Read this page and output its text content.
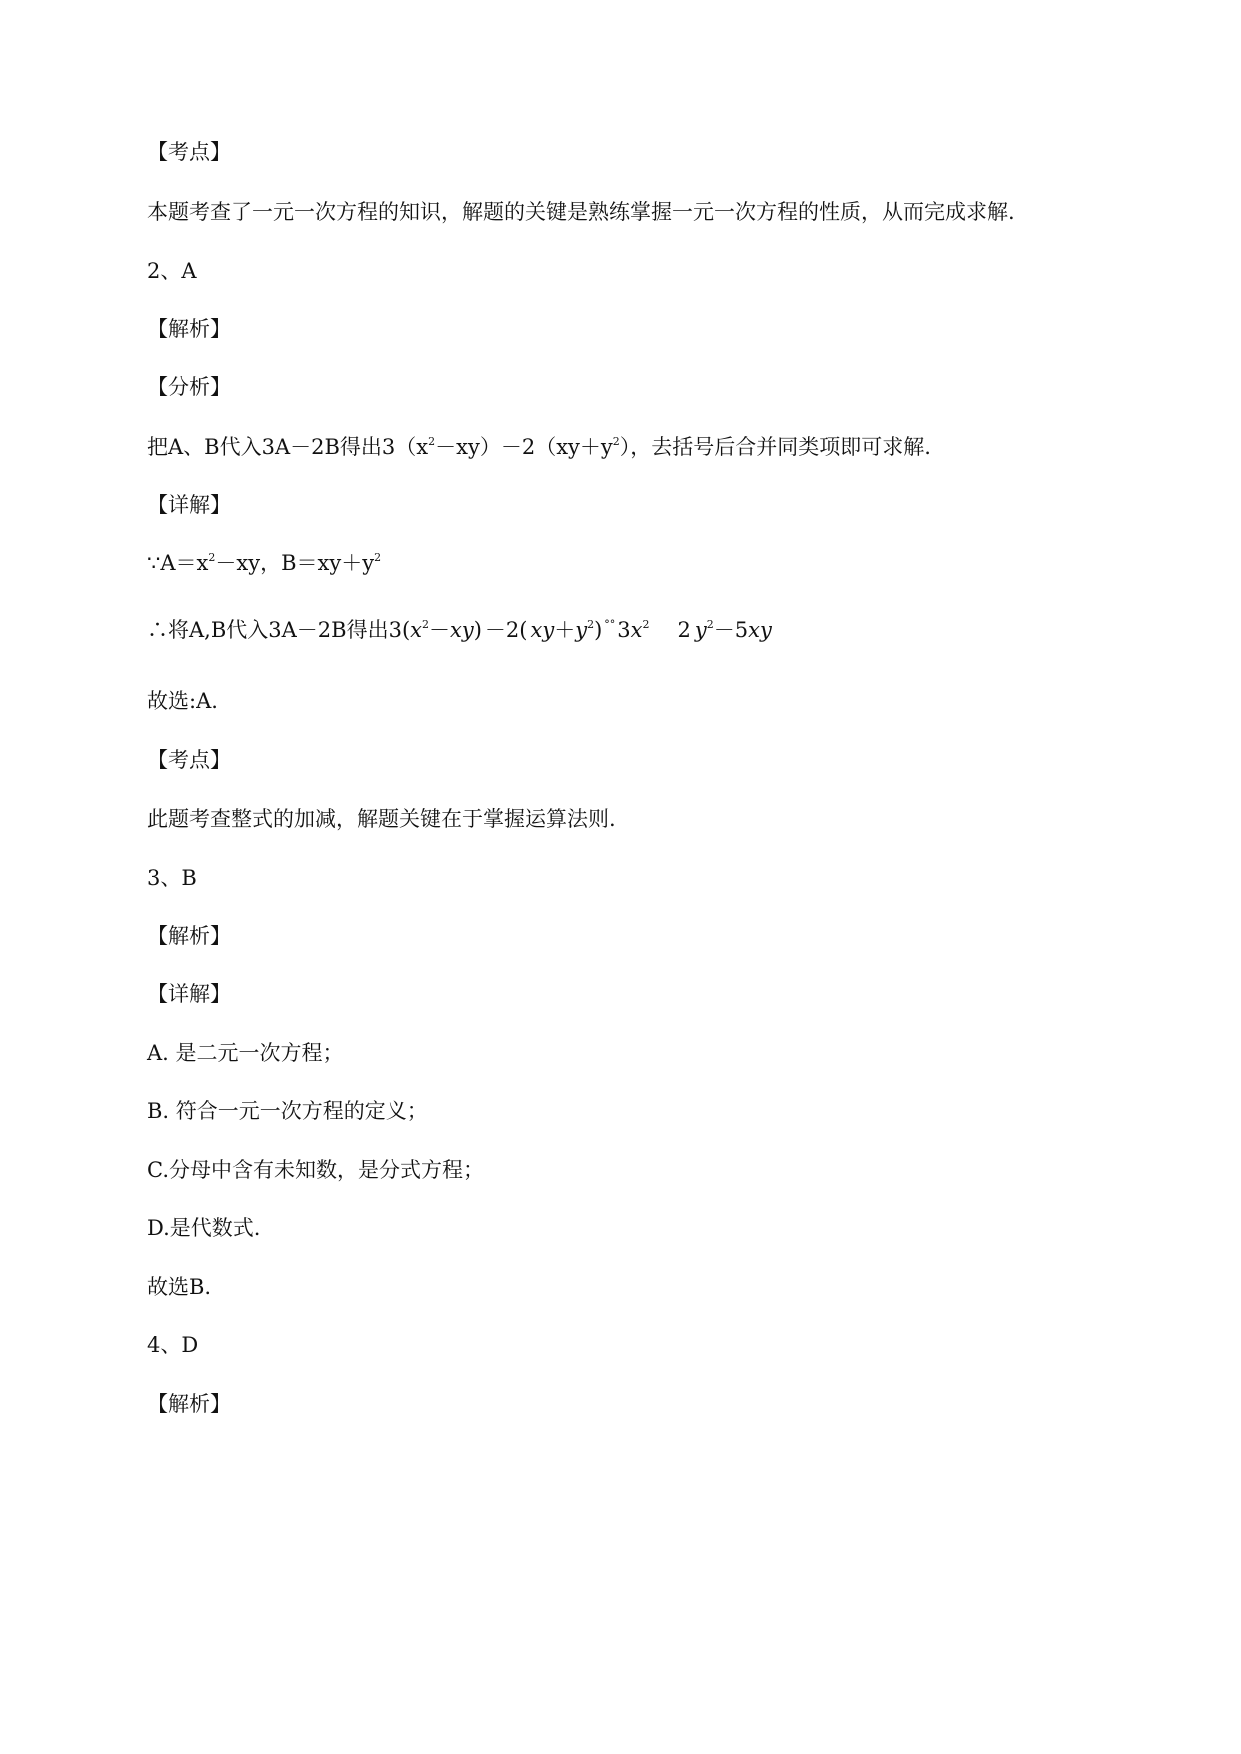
【考点】
本题考查了一元一次方程的知识，解题的关键是熟练掌握一元一次方程的性质，从而完成求解.
2、A
【解析】
【分析】
把A、B代入3A－2B得出$3(x^2-xy)-2(xy+y^2)$，去括号后合并同类项即可求解.
【详解】
$\because A=x^2-xy$，$B=xy+y^2$
∴将A,B代入3A－2B得出$3(x^2-xy) -2$( $xy+y^2$) $^{^\circ^\circ}3x^2$ 2 $y^2-5xy$
故选:A.
【考点】
此题考查整式的加减，解题关键在于掌握运算法则.
3、B
【解析】
【详解】
A. 是二元一次方程；
B. 符合一元一次方程的定义；
C.分母中含有未知数，是分式方程；
D.是代数式.
故选B.
4、D
【解析】
